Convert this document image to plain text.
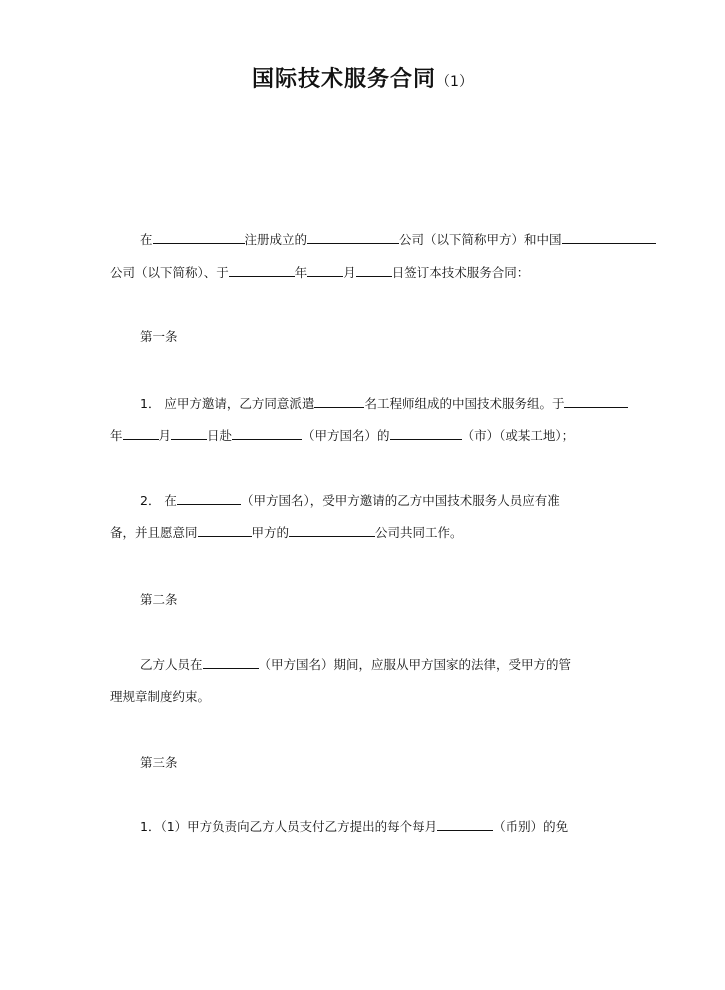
国际技术服务合同（1）
在	注册成立的	公司（以下简称甲方）和中国
公司（以下简称）、于	年	月	日签订本技术服务合同：
第一条
1． 应甲方邀请，乙方同意派遣	名工程师组成的中国技术服务组。于
年	月	日赴	（甲方国名）的	（市）（或某工地）；
2． 在	（甲方国名），受甲方邀请的乙方中国技术服务人员应有准
备，并且愿意同	甲方的	公司共同工作。
第二条
乙方人员在	（甲方国名）期间，应服从甲方国家的法律，受甲方的管
理规章制度约束。
第三条
1．（1）甲方负责向乙方人员支付乙方提出的每个每月	（币别）的免
